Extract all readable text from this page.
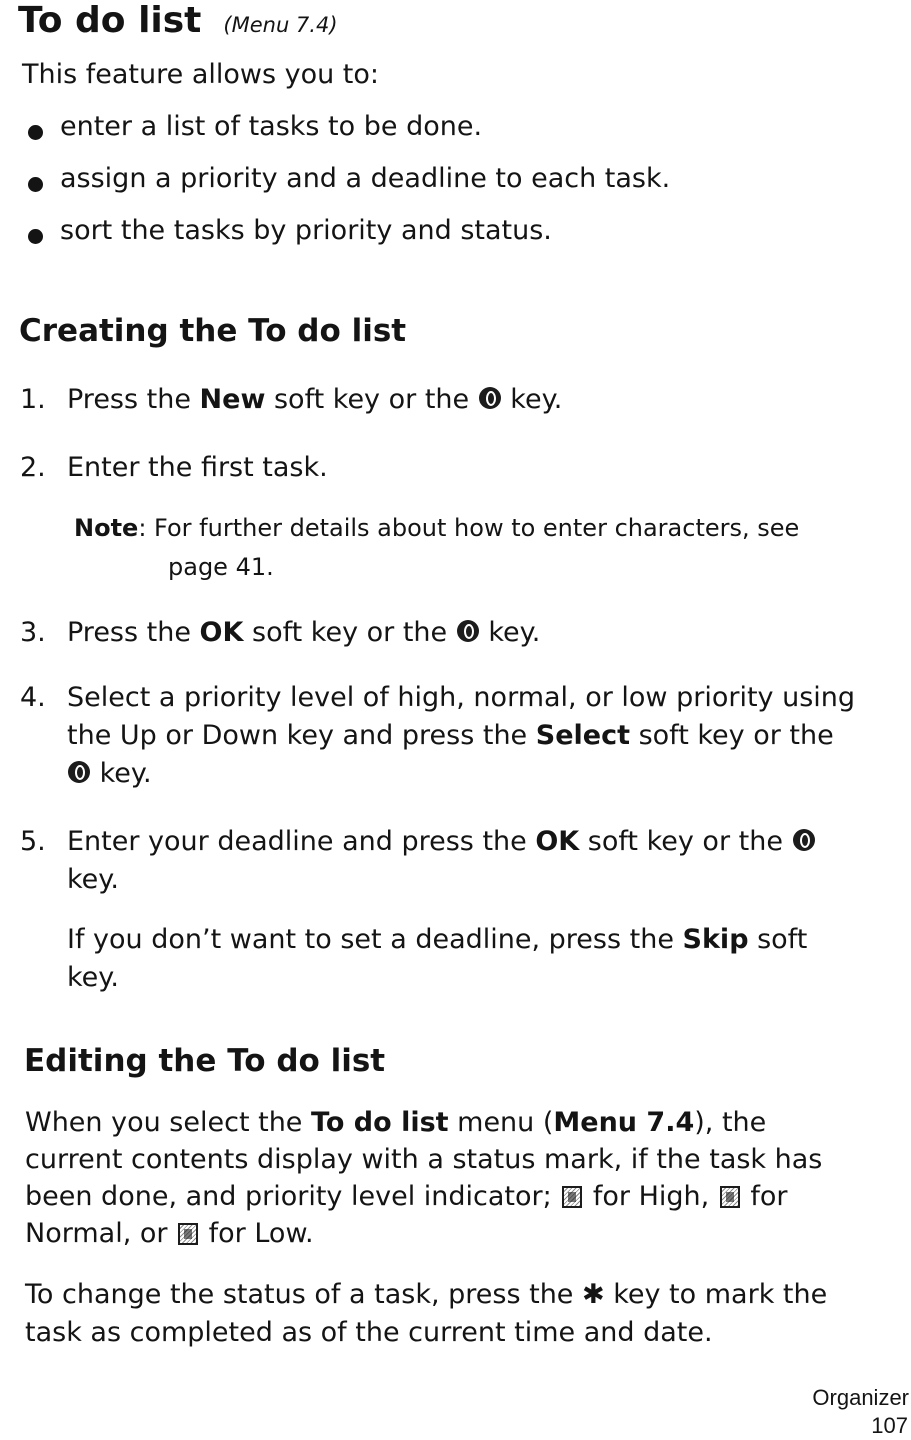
To do list (Menu 7.4)
This feature allows you to:
enter a list of tasks to be done.
assign a priority and a deadline to each task.
sort the tasks by priority and status.
Creating the To do list
1. Press the New soft key or the  key.
2. Enter the first task.
Note: For further details about how to enter characters, see
page 41.
3. Press the OK soft key or the  key.
4. Select a priority level of high, normal, or low priority using
the Up or Down key and press the Select soft key or the
key.
5. Enter your deadline and press the OK soft key or the
key.
If you don’t want to set a deadline, press the Skip soft
key.
Editing the To do list
When you select the To do list menu (Menu 7.4), the
current contents display with a status mark, if the task has
been done, and priority level indicator;  for High,  for
Normal, or  for Low.
To change the status of a task, press the ✱ key to mark the
task as completed as of the current time and date.
Organizer
107
